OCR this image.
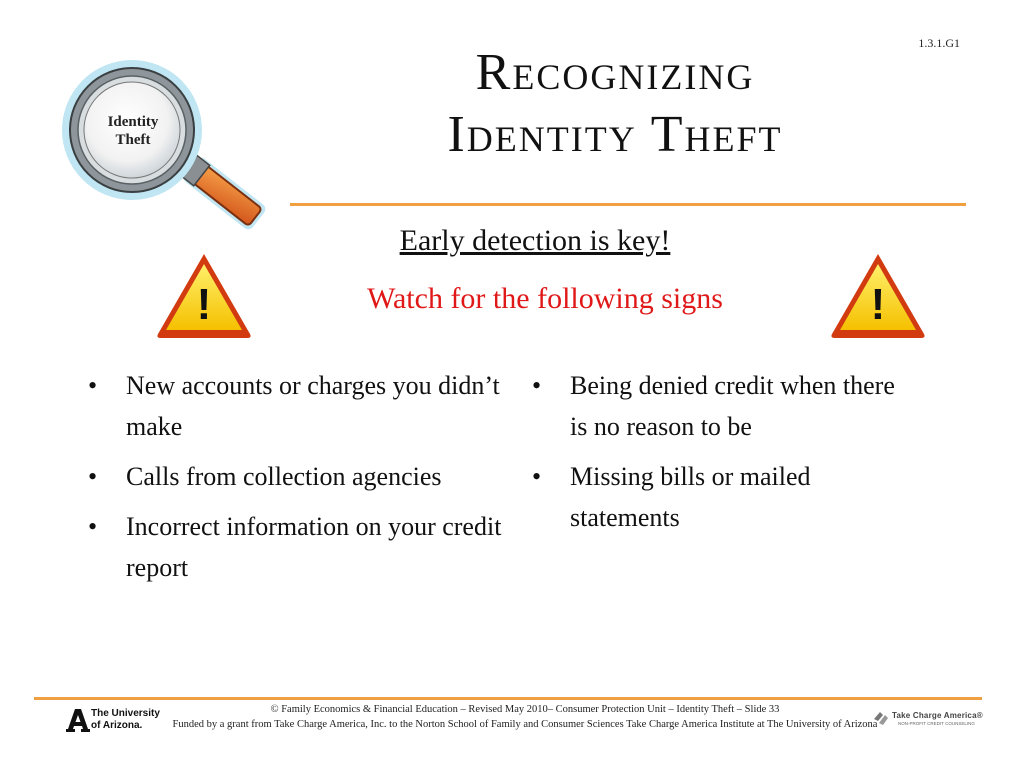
1.3.1.G1
Identity
Theft
Recognizing
Identity Theft
Early detection is key!
Watch for the following signs
!	!
• New accounts or charges you didn’t make
• Calls from collection agencies
• Incorrect information on your credit report
• Being denied credit when there is no reason to be
• Missing bills or mailed statements
The University
of Arizona.
© Family Economics & Financial Education – Revised May 2010– Consumer Protection Unit – Identity Theft – Slide 33
Funded by a grant from Take Charge America, Inc. to the Norton School of Family and Consumer Sciences Take Charge America Institute at The University of Arizona
Take Charge America®
NON-PROFIT CREDIT COUNSELING
